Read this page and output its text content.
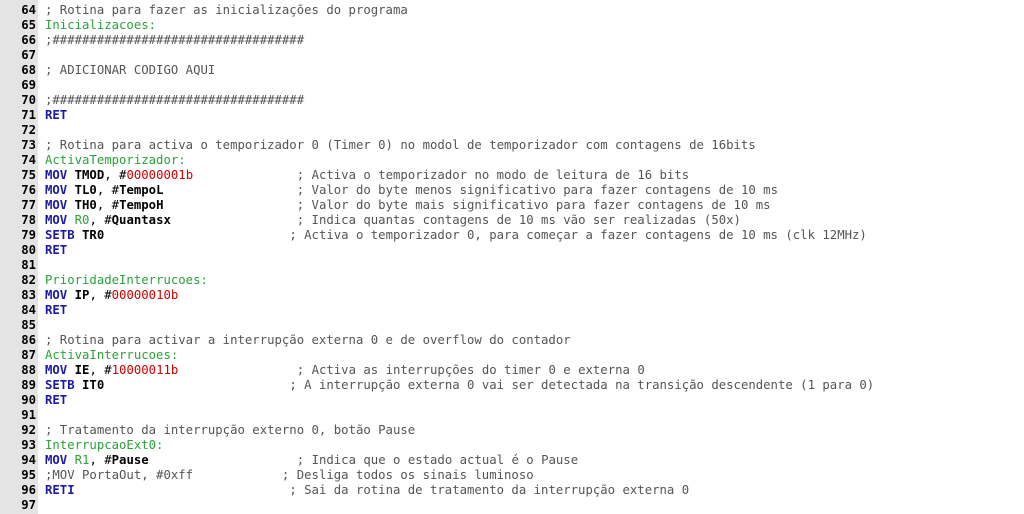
64 ; Rotina para fazer as inicializações do programa
65 Inicializacoes:
66 ;##################################
67
68 ; ADICIONAR CODIGO AQUI
69
70 ;##################################
71 RET
72
73 ; Rotina para activa o temporizador 0 (Timer 0) no modol de temporizador com contagens de 16bits
74 ActivaTemporizador:
75 MOV TMOD, #00000001b	; Activa o temporizador no modo de leitura de 16 bits
76 MOV TL0, #TempoL	; Valor do byte menos significativo para fazer contagens de 10 ms
77 MOV TH0, #TempoH	; Valor do byte mais significativo para fazer contagens de 10 ms
78 MOV R0, #Quantasx	; Indica quantas contagens de 10 ms vão ser realizadas (50x)
79 SETB TR0	; Activa o temporizador 0, para começar a fazer contagens de 10 ms (clk 12MHz)
80 RET
81
82 PrioridadeInterrucoes:
83 MOV IP, #00000010b
84 RET
85
86 ; Rotina para activar a interrupção externa 0 e de overflow do contador
87 ActivaInterrucoes:
88 MOV IE, #10000011b	; Activa as interrupções do timer 0 e externa 0
89 SETB IT0	; A interrupção externa 0 vai ser detectada na transição descendente (1 para 0)
90 RET
91
92 ; Tratamento da interrupção externo 0, botão Pause
93 InterrupcaoExt0:
94 MOV R1, #Pause	; Indica que o estado actual é o Pause
95 ;MOV PortaOut, #0xff	; Desliga todos os sinais luminoso
96 RETI	; Sai da rotina de tratamento da interrupção externa 0
97
